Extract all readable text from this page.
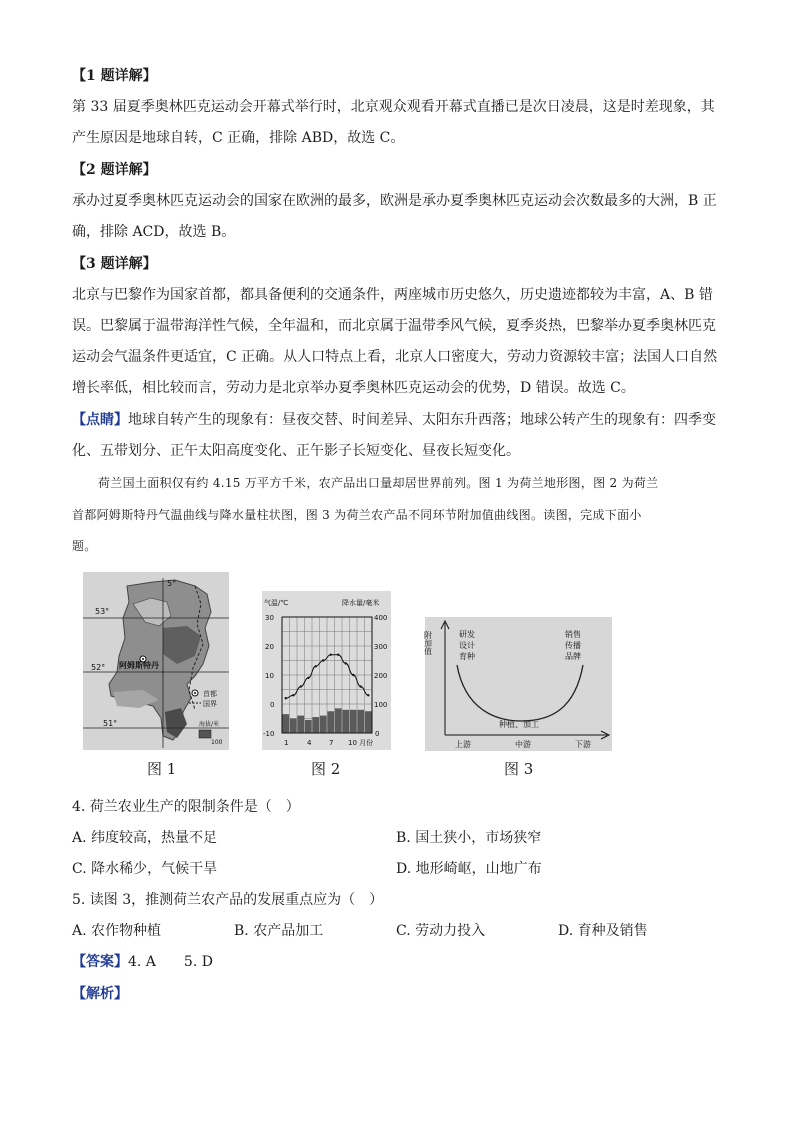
【1 题详解】
第 33 届夏季奥林匹克运动会开幕式举行时，北京观众观看开幕式直播已是次日凌晨，这是时差现象，其
产生原因是地球自转，C 正确，排除 ABD，故选 C。
【2 题详解】
承办过夏季奥林匹克运动会的国家在欧洲的最多，欧洲是承办夏季奥林匹克运动会次数最多的大洲，B 正
确，排除 ACD，故选 B。
【3 题详解】
北京与巴黎作为国家首都，都具备便利的交通条件，两座城市历史悠久，历史遗迹都较为丰富，A、B 错
误。巴黎属于温带海洋性气候，全年温和，而北京属于温带季风气候，夏季炎热，巴黎举办夏季奥林匹克
运动会气温条件更适宜，C 正确。从人口特点上看，北京人口密度大，劳动力资源较丰富；法国人口自然
增长率低，相比较而言，劳动力是北京举办夏季奥林匹克运动会的优势，D 错误。故选 C。
【点睛】地球自转产生的现象有：昼夜交替、时间差异、太阳东升西落；地球公转产生的现象有：四季变
化、五带划分、正午太阳高度变化、正午影子长短变化、昼夜长短变化。
荷兰国土面积仅有约 4.15 万平方千米，农产品出口量却居世界前列。图 1 为荷兰地形图，图 2 为荷兰
首都阿姆斯特丹气温曲线与降水量柱状图，图 3 为荷兰农产品不同环节附加值曲线图。读图，完成下面小
题。
5°
53°
52°
51°
阿姆斯特丹
首都
国界
海拔/米
100
图 1
气温/℃	降水量/毫米
30
20
10
0
-10
400
300
200
100
0
1	4	7 10 月份
图 2
附加值	研发
设计
育种
销售
传播
品牌
种植、加工
上游	中游	下游
图 3
4. 荷兰农业生产的限制条件是（　）
A. 纬度较高，热量不足	B. 国土狭小，市场狭窄
C. 降水稀少，气候干旱	D. 地形崎岖，山地广布
5. 读图 3，推测荷兰农产品的发展重点应为（　）
A. 农作物种植	B. 农产品加工	C. 劳动力投入	D. 育种及销售
【答案】4. A　　5. D
【解析】
